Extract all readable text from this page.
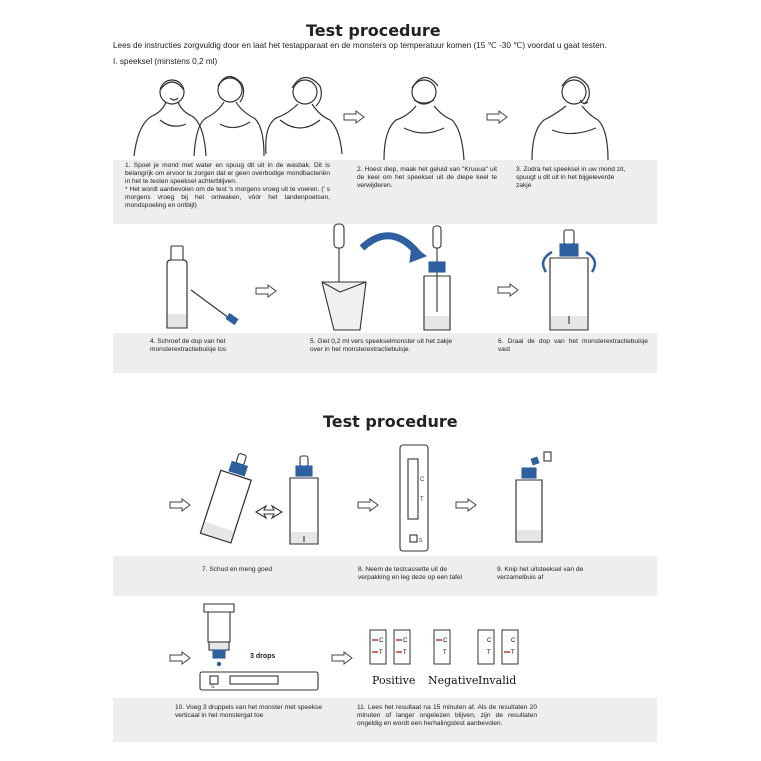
Test procedure
Lees de instructies zorgvuldig door en laat het testapparaat en de monsters op temperatuur komen (15 ℃ -30 ℃) voordat u gaat testen.
I. speeksel (minstens 0,2 ml)
1. Spoel je mond met water en spuug dit uit in de wasbak. Dit is belangrijk om ervoor te zorgen dat er geen overbodige mondbacteriën in het te testen speeksel achterblijven.
* Het wordt aanbevolen om de test 's morgens vroeg uit te voeren. (' s morgens vroeg bij het ontwaken, vóór het tandenpoetsen, mondspoeling en ontbijt)
2. Hoest diep, maak het geluid van "Kruuua" uit de keel om het speeksel uit de diepe keel te verwijderen.
3. Zodra het speeksel in uw mond zit, spuugt u dit uit in het bijgeleverde zakje
4. Schroef de dop van het monsterextractiebuisje los
5. Giet 0,2 ml vers speekselmonster uit het zakje over in het monsterextractiebuisje.
6. Draai de dop van het monsterextractiebuisje vast
Test procedure
C
T
S
7. Schud en meng goed	8. Neem de testcassette uit de verpakking en leg deze op een tafel
9. Knip het uitsteeksel van de verzamelbuis af
S
3 drops
C
T
C
T
C
T
C
T
C
T
Positive Negative Invalid
10. Voeg 3 druppels van het monster met speekse verticaal in het monstergat toe
11. Lees het resultaat na 15 minuten af. Als de resultaten 20 minuten of langer ongelezen blijven, zijn de resultaten ongeldig en wordt een herhalingstest aanbevolen.
